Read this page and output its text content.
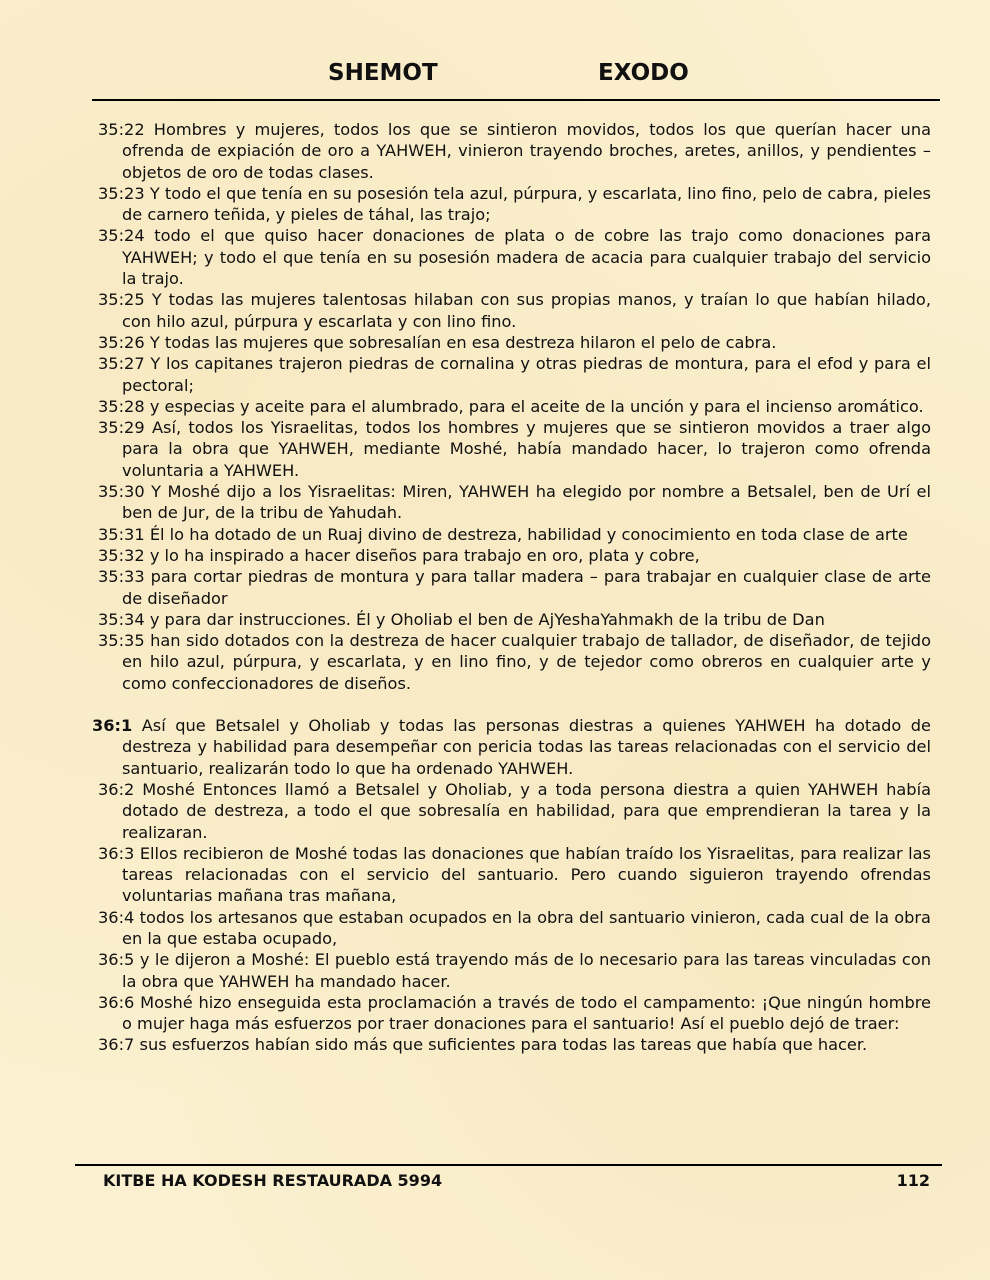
SHEMOT	EXODO

35:22 Hombres y mujeres, todos los que se sintieron movidos, todos los que querían hacer una ofrenda de expiación de oro a YAHWEH, vinieron trayendo broches, aretes, anillos, y pendientes –objetos de oro de todas clases.

35:23 Y todo el que tenía en su posesión tela azul, púrpura, y escarlata, lino fino, pelo de cabra, pieles de carnero teñida, y pieles de táhal, las trajo;

35:24 todo el que quiso hacer donaciones de plata o de cobre las trajo como donaciones para YAHWEH; y todo el que tenía en su posesión madera de acacia para cualquier trabajo del servicio la trajo.

35:25 Y todas las mujeres talentosas hilaban con sus propias manos, y traían lo que habían hilado, con hilo azul, púrpura y escarlata y con lino fino.

35:26 Y todas las mujeres que sobresalían en esa destreza hilaron el pelo de cabra.

35:27 Y los capitanes trajeron piedras de cornalina y otras piedras de montura, para el efod y para el pectoral;

35:28 y especias y aceite para el alumbrado, para el aceite de la unción y para el incienso aromático.

35:29 Así, todos los Yisraelitas, todos los hombres y mujeres que se sintieron movidos a traer algo para la obra que YAHWEH, mediante Moshé, había mandado hacer, lo trajeron como ofrenda voluntaria a YAHWEH.

35:30 Y Moshé dijo a los Yisraelitas: Miren, YAHWEH ha elegido por nombre a Betsalel, ben de Urí el ben de Jur, de la tribu de Yahudah.

35:31 Él lo ha dotado de un Ruaj divino de destreza, habilidad y conocimiento en toda clase de arte

35:32 y lo ha inspirado a hacer diseños para trabajo en oro, plata y cobre,

35:33 para cortar piedras de montura y para tallar madera – para trabajar en cualquier clase de arte de diseñador

35:34 y para dar instrucciones. Él y Oholiab el ben de AjYeshaYahmakh de la tribu de Dan

35:35 han sido dotados con la destreza de hacer cualquier trabajo de tallador, de diseñador, de tejido en hilo azul, púrpura, y escarlata, y en lino fino, y de tejedor como obreros en cualquier arte y como confeccionadores de diseños.

36:1 Así que Betsalel y Oholiab y todas las personas diestras a quienes YAHWEH ha dotado de destreza y habilidad para desempeñar con pericia todas las tareas relacionadas con el servicio del santuario, realizarán todo lo que ha ordenado YAHWEH.

36:2 Moshé Entonces llamó a Betsalel y Oholiab, y a toda persona diestra a quien YAHWEH había dotado de destreza, a todo el que sobresalía en habilidad, para que emprendieran la tarea y la realizaran.

36:3 Ellos recibieron de Moshé todas las donaciones que habían traído los Yisraelitas, para realizar las tareas relacionadas con el servicio del santuario. Pero cuando siguieron trayendo ofrendas voluntarias mañana tras mañana,

36:4 todos los artesanos que estaban ocupados en la obra del santuario vinieron, cada cual de la obra en la que estaba ocupado,

36:5 y le dijeron a Moshé: El pueblo está trayendo más de lo necesario para las tareas vinculadas con la obra que YAHWEH ha mandado hacer.

36:6 Moshé hizo enseguida esta proclamación a través de todo el campamento: ¡Que ningún hombre o mujer haga más esfuerzos por traer donaciones para el santuario! Así el pueblo dejó de traer:

36:7 sus esfuerzos habían sido más que suficientes para todas las tareas que había que hacer.

KITBE HA KODESH RESTAURADA 5994	112
